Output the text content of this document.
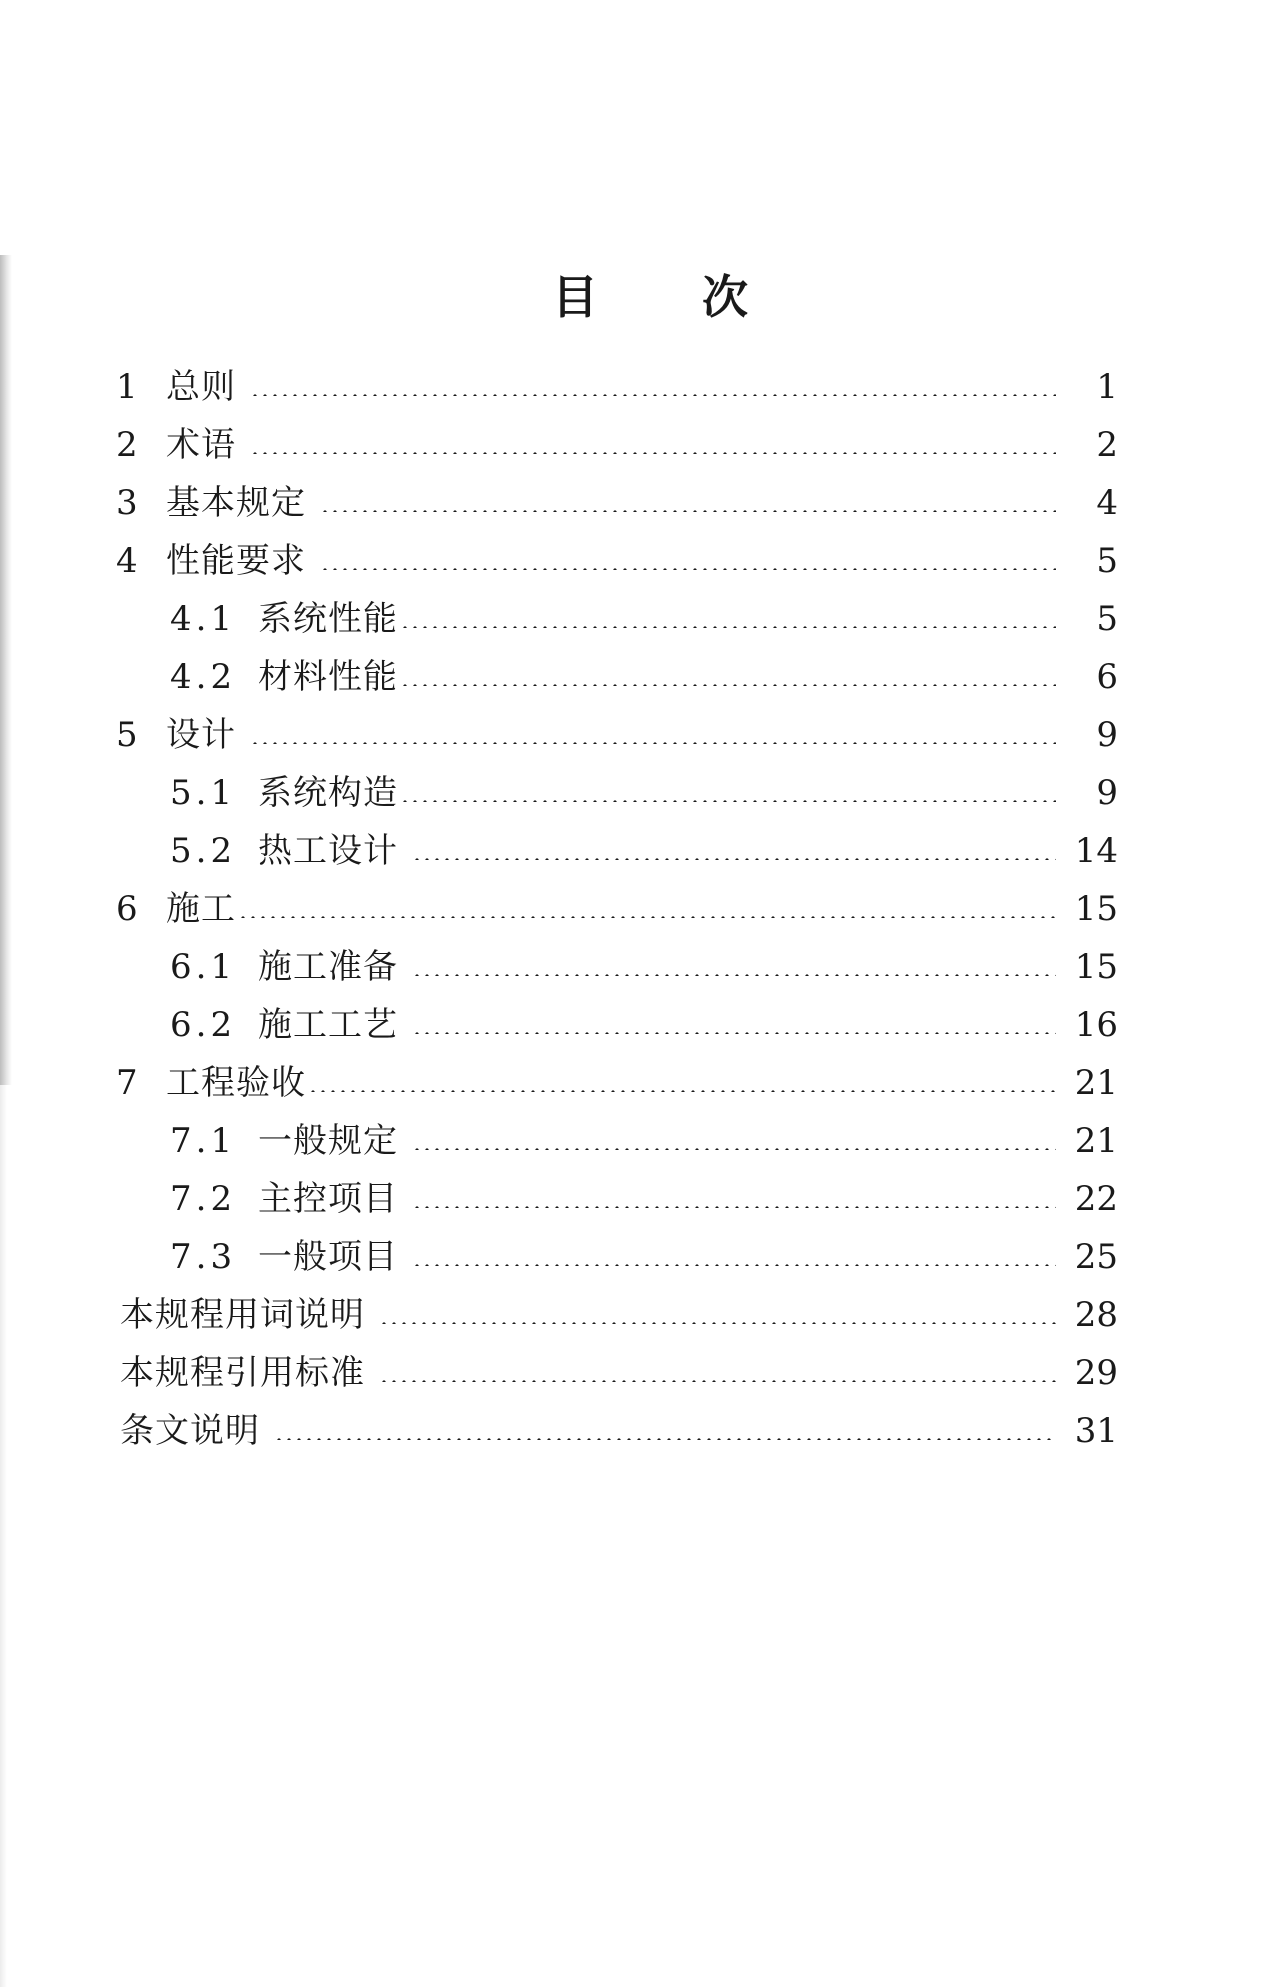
目 次
1 总则	1
2 术语	2
3 基本规定	4
4 性能要求	5
4.1 系统性能	5
4.2 材料性能	6
5 设计	9
5.1 系统构造	9
5.2 热工设计	14
6 施工	15
6.1 施工准备	15
6.2 施工工艺	16
7 工程验收	21
7.1 一般规定	21
7.2 主控项目	22
7.3 一般项目	25
本规程用词说明	28
本规程引用标准	29
条文说明	31
